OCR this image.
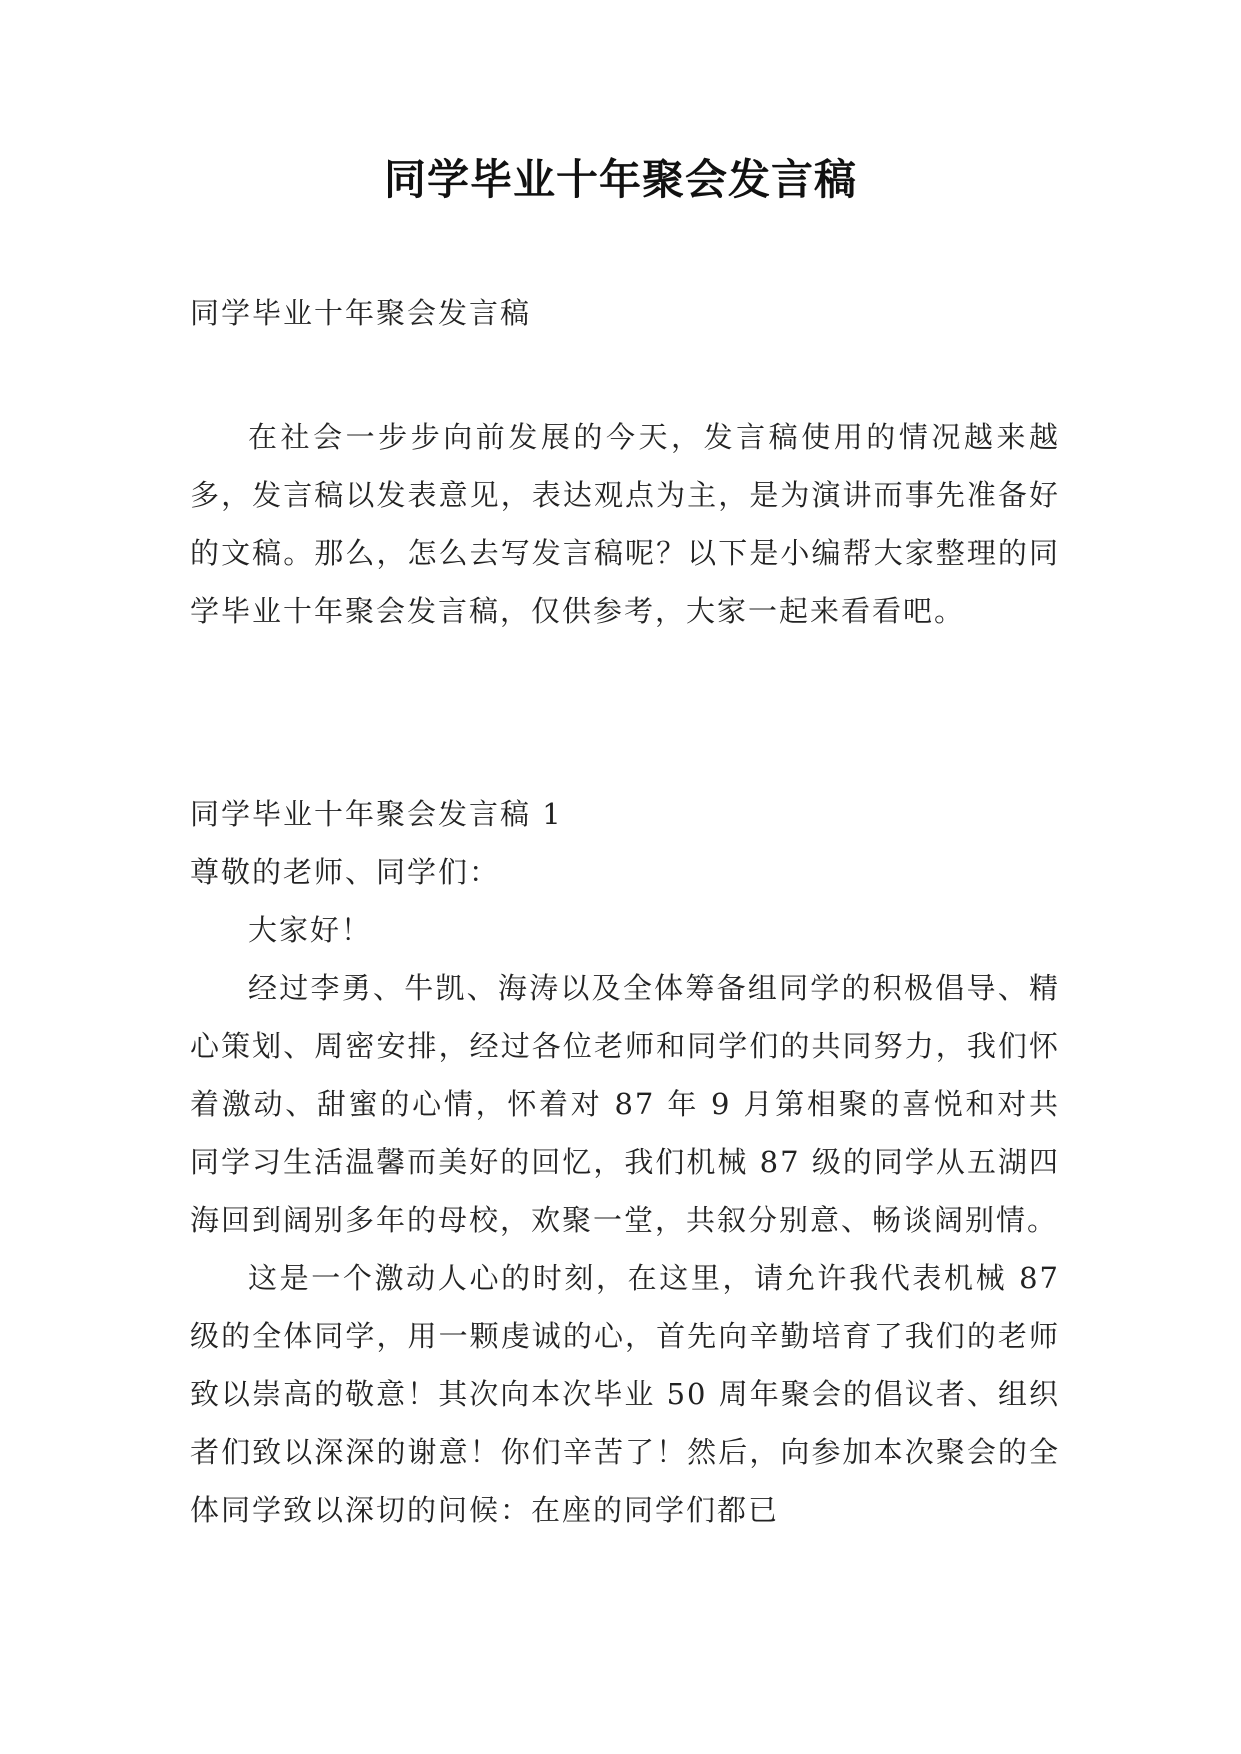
同学毕业十年聚会发言稿
同学毕业十年聚会发言稿

在社会一步步向前发展的今天，发言稿使用的情况越来越多，发言稿以发表意见，表达观点为主，是为演讲而事先准备好的文稿。那么，怎么去写发言稿呢？以下是小编帮大家整理的同学毕业十年聚会发言稿，仅供参考，大家一起来看看吧。

同学毕业十年聚会发言稿 1

尊敬的老师、同学们：

大家好！

经过李勇、牛凯、海涛以及全体筹备组同学的积极倡导、精心策划、周密安排，经过各位老师和同学们的共同努力，我们怀着激动、甜蜜的心情，怀着对 87 年 9 月第相聚的喜悦和对共同学习生活温馨而美好的回忆，我们机械 87 级的同学从五湖四海回到阔别多年的母校，欢聚一堂，共叙分别意、畅谈阔别情。

这是一个激动人心的时刻，在这里，请允许我代表机械 87 级的全体同学，用一颗虔诚的心，首先向辛勤培育了我们的老师致以崇高的敬意！其次向本次毕业 50 周年聚会的倡议者、组织者们致以深深的谢意！你们辛苦了！然后，向参加本次聚会的全体同学致以深切的问候：在座的同学们都已
